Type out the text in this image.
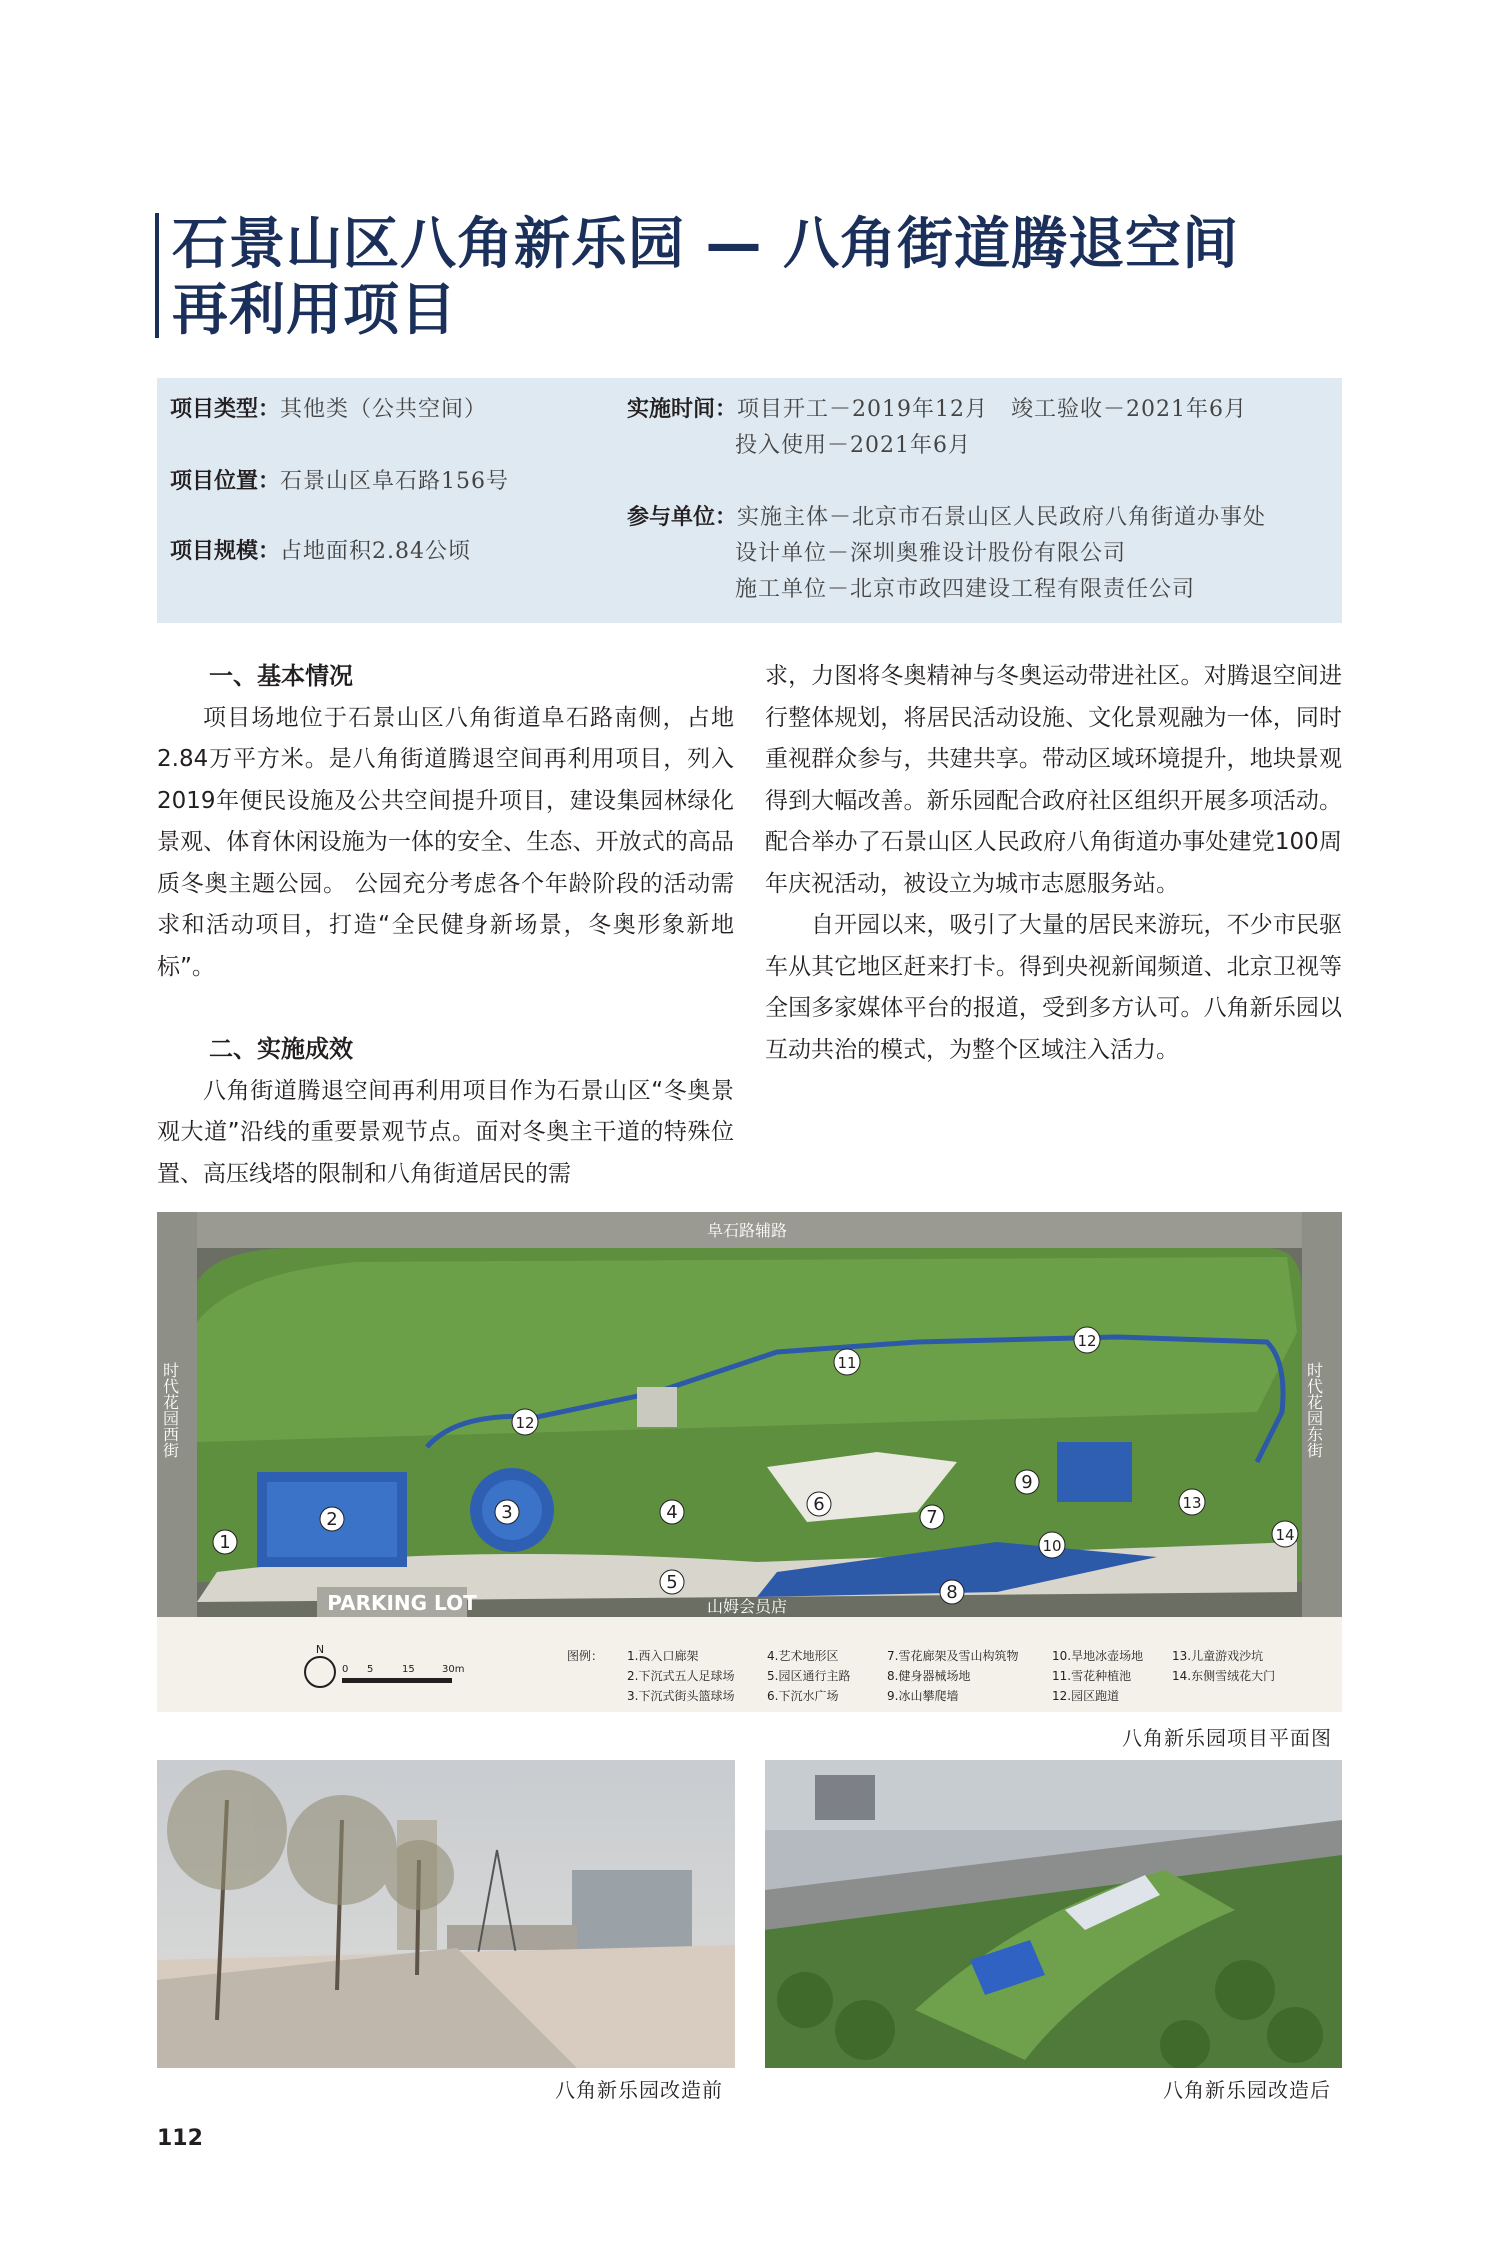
石景山区八角新乐园 — 八角街道腾退空间
再利用项目
项目类型：其他类（公共空间）
项目位置：石景山区阜石路156号
项目规模：占地面积2.84公顷
实施时间：项目开工－2019年12月　竣工验收－2021年6月
投入使用－2021年6月
参与单位：实施主体－北京市石景山区人民政府八角街道办事处
设计单位－深圳奥雅设计股份有限公司
施工单位－北京市政四建设工程有限责任公司
一、基本情况

项目场地位于石景山区八角街道阜石路南侧，占地2.84万平方米。是八角街道腾退空间再利用项目，列入2019年便民设施及公共空间提升项目，建设集园林绿化景观、体育休闲设施为一体的安全、生态、开放式的高品质冬奥主题公园。 公园充分考虑各个年龄阶段的活动需求和活动项目，打造“全民健身新场景，冬奥形象新地标”。

二、实施成效

八角街道腾退空间再利用项目作为石景山区“冬奥景观大道”沿线的重要景观节点。面对冬奥主干道的特殊位置、高压线塔的限制和八角街道居民的需

求，力图将冬奥精神与冬奥运动带进社区。对腾退空间进行整体规划，将居民活动设施、文化景观融为一体，同时重视群众参与，共建共享。带动区域环境提升，地块景观得到大幅改善。新乐园配合政府社区组织开展多项活动。配合举办了石景山区人民政府八角街道办事处建党100周年庆祝活动，被设立为城市志愿服务站。

自开园以来，吸引了大量的居民来游玩，不少市民驱车从其它地区赶来打卡。得到央视新闻频道、北京卫视等全国多家媒体平台的报道，受到多方认可。八角新乐园以互动共治的模式，为整个区域注入活力。

PARKING LOT
阜石路辅路
山姆会员店
时代花园西街	时代花园东街
1
2	3	4
5
6
7
8
9
10
11
12
12
13
14
N
0 5	15	30m
图例： 1.西入口廊架
2.下沉式五人足球场
3.下沉式街头篮球场
4.艺术地形区
5.园区通行主路
6.下沉水广场
7.雪花廊架及雪山构筑物
8.健身器械场地
9.冰山攀爬墙
10.旱地冰壶场地
11.雪花种植池
12.园区跑道
13.儿童游戏沙坑
14.东侧雪绒花大门
八角新乐园项目平面图
八角新乐园改造前	八角新乐园改造后
112
